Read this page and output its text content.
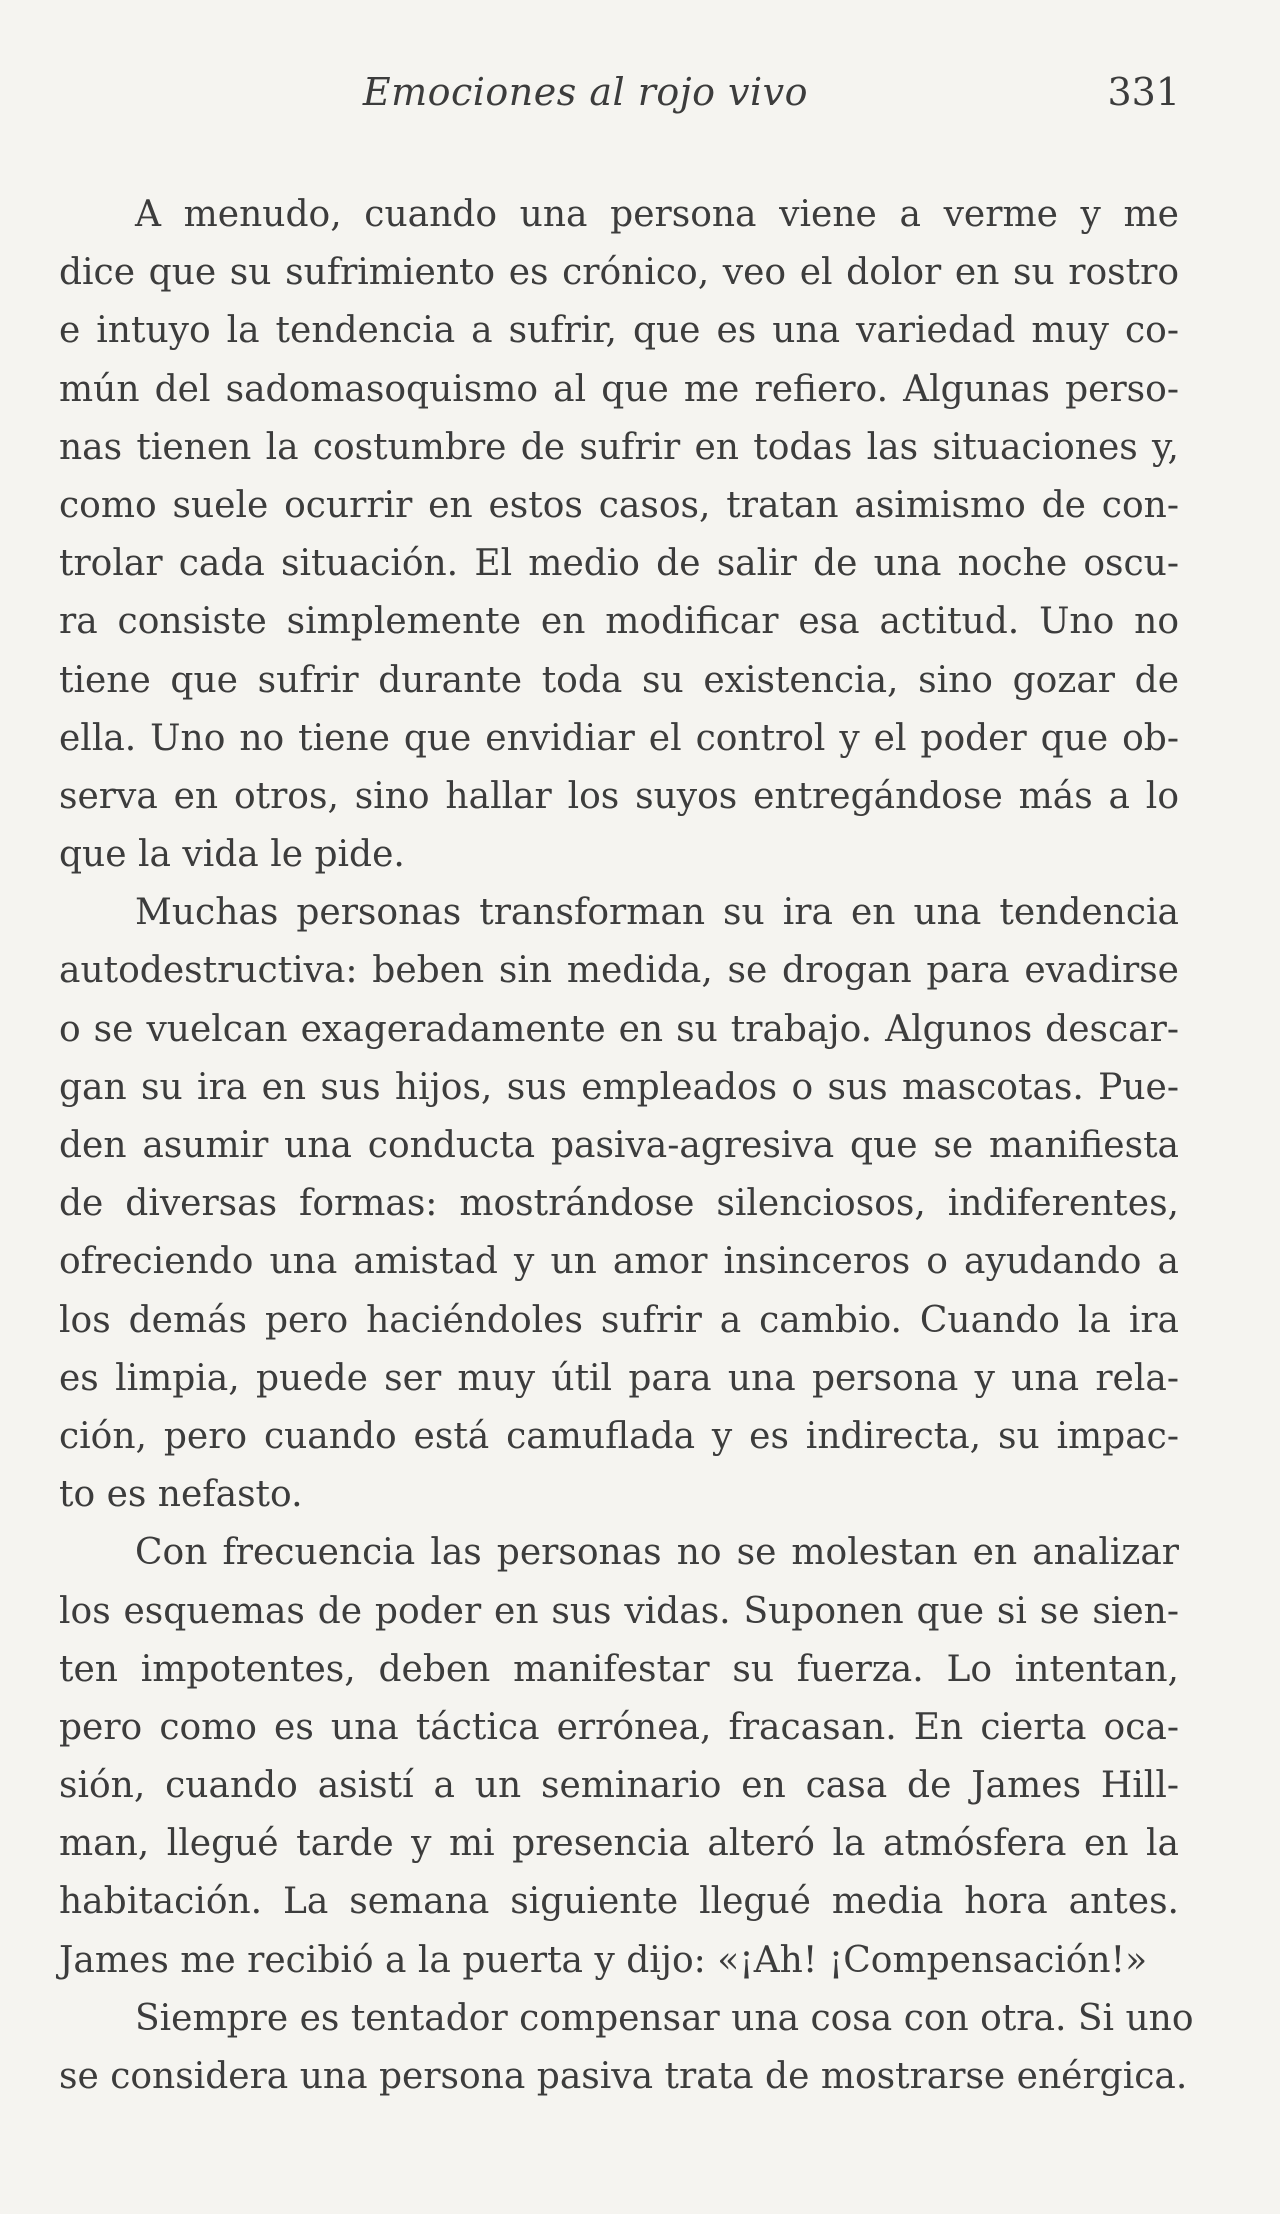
Emociones al rojo vivo	331
A menudo, cuando una persona viene a verme y me
dice que su sufrimiento es crónico, veo el dolor en su rostro
e intuyo la tendencia a sufrir, que es una variedad muy co-
mún del sadomasoquismo al que me refiero. Algunas perso-
nas tienen la costumbre de sufrir en todas las situaciones y,
como suele ocurrir en estos casos, tratan asimismo de con-
trolar cada situación. El medio de salir de una noche oscu-
ra consiste simplemente en modificar esa actitud. Uno no
tiene que sufrir durante toda su existencia, sino gozar de
ella. Uno no tiene que envidiar el control y el poder que ob-
serva en otros, sino hallar los suyos entregándose más a lo
que la vida le pide.
Muchas personas transforman su ira en una tendencia
autodestructiva: beben sin medida, se drogan para evadirse
o se vuelcan exageradamente en su trabajo. Algunos descar-
gan su ira en sus hijos, sus empleados o sus mascotas. Pue-
den asumir una conducta pasiva-agresiva que se manifiesta
de diversas formas: mostrándose silenciosos, indiferentes,
ofreciendo una amistad y un amor insinceros o ayudando a
los demás pero haciéndoles sufrir a cambio. Cuando la ira
es limpia, puede ser muy útil para una persona y una rela-
ción, pero cuando está camuflada y es indirecta, su impac-
to es nefasto.
Con frecuencia las personas no se molestan en analizar
los esquemas de poder en sus vidas. Suponen que si se sien-
ten impotentes, deben manifestar su fuerza. Lo intentan,
pero como es una táctica errónea, fracasan. En cierta oca-
sión, cuando asistí a un seminario en casa de James Hill-
man, llegué tarde y mi presencia alteró la atmósfera en la
habitación. La semana siguiente llegué media hora antes.
James me recibió a la puerta y dijo: «¡Ah! ¡Compensación!»
Siempre es tentador compensar una cosa con otra. Si uno
se considera una persona pasiva trata de mostrarse enérgica.
